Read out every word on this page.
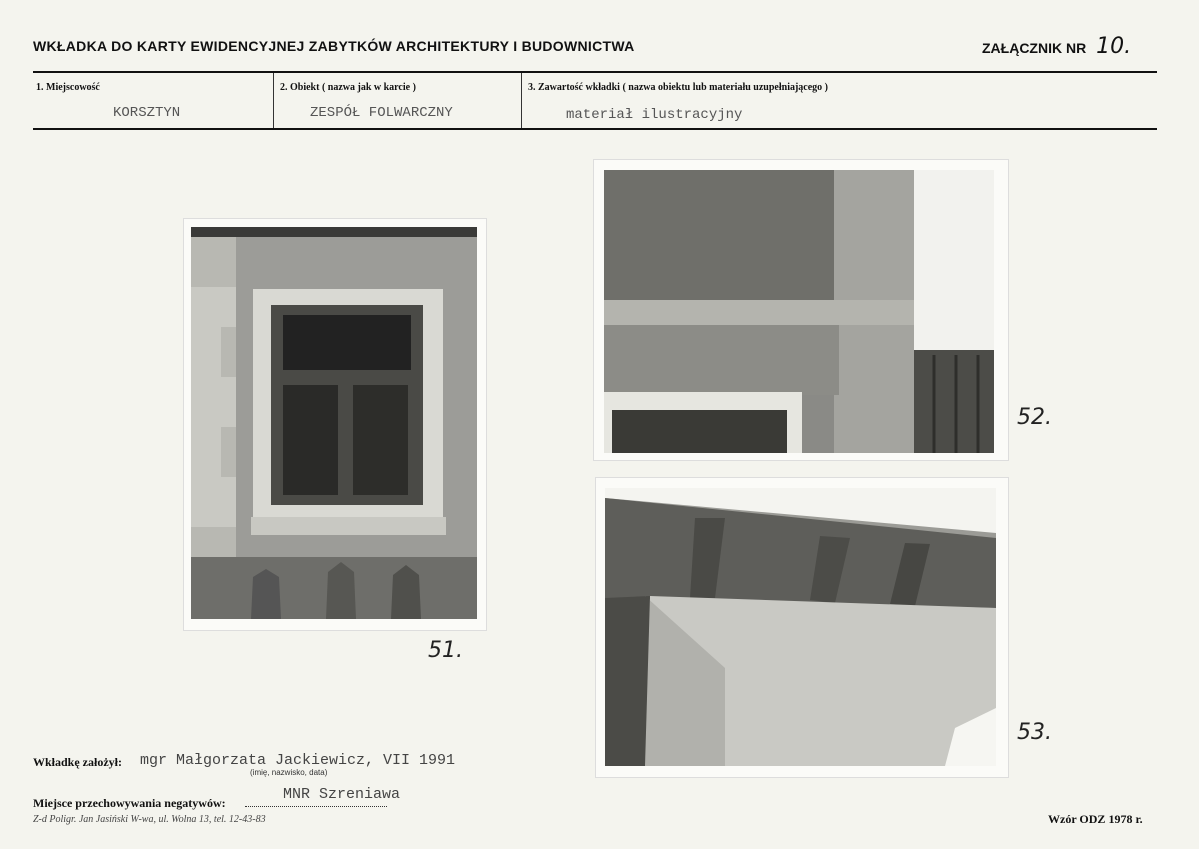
WKŁADKA DO KARTY EWIDENCYJNEJ ZABYTKÓW ARCHITEKTURY I BUDOWNICTWA	ZAŁĄCZNIK NR 10.
1. Miejscowość
KORSZTYN
2. Obiekt ( nazwa jak w karcie )
ZESPÓŁ FOLWARCZNY
3. Zawartość wkładki ( nazwa obiektu lub materiału uzupełniającego )
materiał ilustracyjny
51.
52.
53.
Wkładkę założył: mgr Małgorzata Jackiewicz, VII 1991
(imię, nazwisko, data)
Miejsce przechowywania negatywów:	MNR Szreniawa
Z-d Poligr. Jan Jasiński W-wa, ul. Wolna 13, tel. 12-43-83	Wzór ODZ 1978 r.
